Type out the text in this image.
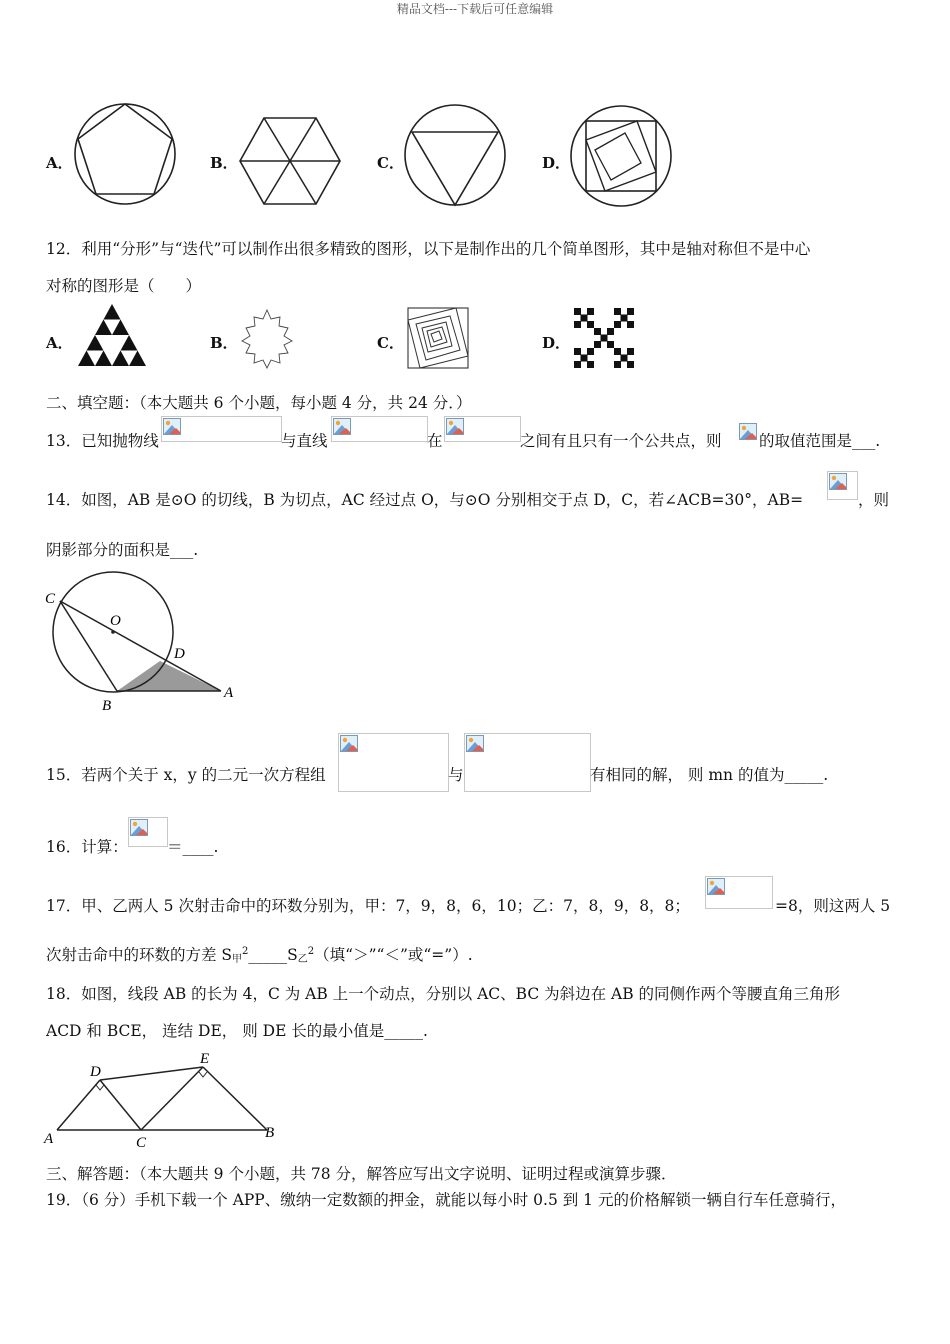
精品文档---下载后可任意编辑
A．	B．	C．	D．
12．利用“分形”与“迭代”可以制作出很多精致的图形，以下是制作出的几个简单图形，其中是轴对称但不是中心
对称的图形是（　　）
A．	B．	C．	D．
二、填空题：（本大题共 6 个小题，每小题 4 分，共 24 分．）
13．已知抛物线	与直线	在	之间有且只有一个公共点，则 的取值范围是___.
14．如图，AB 是⊙O 的切线，B 为切点，AC 经过点 O，与⊙O 分别相交于点 D，C，若∠ACB=30°，AB=	，则
阴影部分的面积是___.
C
O
D
A
B
15．若两个关于 x，y 的二元一次方程组	与	有相同的解， 则 mn 的值为_____.
16．计算：	＝____.
17．甲、乙两人 5 次射击命中的环数分别为，甲：7，9，8，6，10；乙：7，8，9，8，8；	=8，则这两人 5
次射击命中的环数的方差 S甲$^2$_____S乙$^2$（填“＞”“＜”或“=”）.
18．如图，线段 AB 的长为 4，C 为 AB 上一个动点，分别以 AC、BC 为斜边在 AB 的同侧作两个等腰直角三角形
ACD 和 BCE， 连结 DE， 则 DE 长的最小值是_____.
D
E
A	C
B
三、解答题：（本大题共 9 个小题，共 78 分，解答应写出文字说明、证明过程或演算步骤．
19．（6 分）手机下载一个 APP、缴纳一定数额的押金，就能以每小时 0.5 到 1 元的价格解锁一辆自行车任意骑行，
